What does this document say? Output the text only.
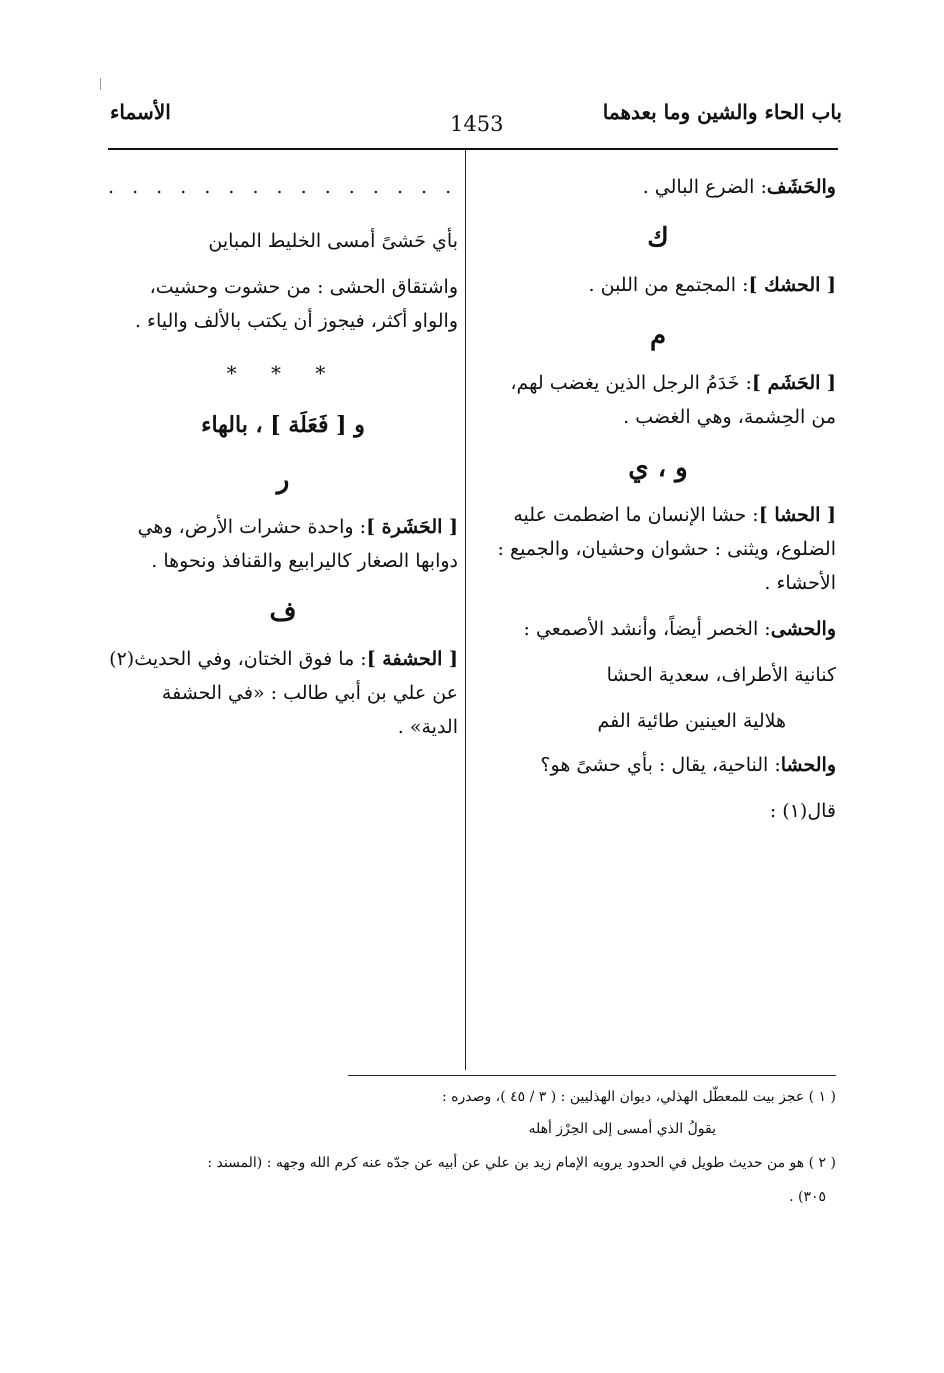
باب الحاء والشين وما بعدهما
1453
الأسماء

والحَشَف: الضرع البالي .

ك

[ الحشك ]: المجتمع من اللبن .

م

[ الحَشَم ]: خَدَمُ الرجل الذين يغضب لهم، من الحِشمة، وهي الغضب .

و ، ي

[ الحشا ]: حشا الإنسان ما اضطمت عليه الضلوع، ويثنى : حشوان وحشيان، والجميع : الأحشاء .

والحشى: الخصر أيضاً، وأنشد الأصمعي :

كنانية الأطراف، سعدية الحشا
هلالية العينين طائية الفم

والحشا: الناحية، يقال : بأي حشىً هو؟

قال(١) :
. . . . . . . . . . . . . . .
بأي حَشىً أمسى الخليط المباين

واشتقاق الحشى : من حشوت وحشيت، والواو أكثر، فيجوز أن يكتب بالألف والياء .

* * *
و [ فَعَلَة ] ، بالهاء
ر

[ الحَشَرة ]: واحدة حشرات الأرض، وهي دوابها الصغار كاليرابيع والقنافذ ونحوها .

ف

[ الحشفة ]: ما فوق الختان، وفي الحديث(٢) عن علي بن أبي طالب : «في الحشفة الدية» .

( ١ ) عجز بيت للمعطّل الهذلي، ديوان الهذليين : ( ٣ / ٤٥ )، وصدره :
يقولُ الذي أمسى إلى الحِرْز أهله
( ٢ ) هو من حديث طويل في الحدود يرويه الإمام زيد بن علي عن أبيه عن جدّه عنه كرم الله وجهه : (المسند :
٣٠٥) .
